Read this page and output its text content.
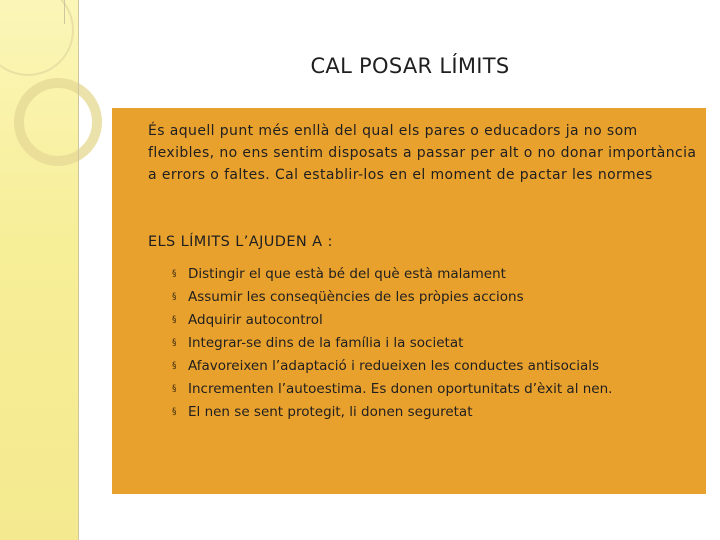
CAL POSAR LÍMITS

És aquell punt més enllà del qual els pares o educadors ja no som flexibles, no ens sentim disposats a passar per alt o no donar importància a errors o faltes. Cal establir-los en el moment de pactar les normes

ELS LÍMITS L’AJUDEN A :

§ Distingir el que està bé del què està malament
§ Assumir les conseqüències de les pròpies accions
§ Adquirir autocontrol
§ Integrar-se dins de la família i la societat
§ Afavoreixen l’adaptació i redueixen les conductes antisocials
§ Incrementen l’autoestima. Es donen oportunitats d’èxit al nen.
§ El nen se sent protegit, li donen seguretat
